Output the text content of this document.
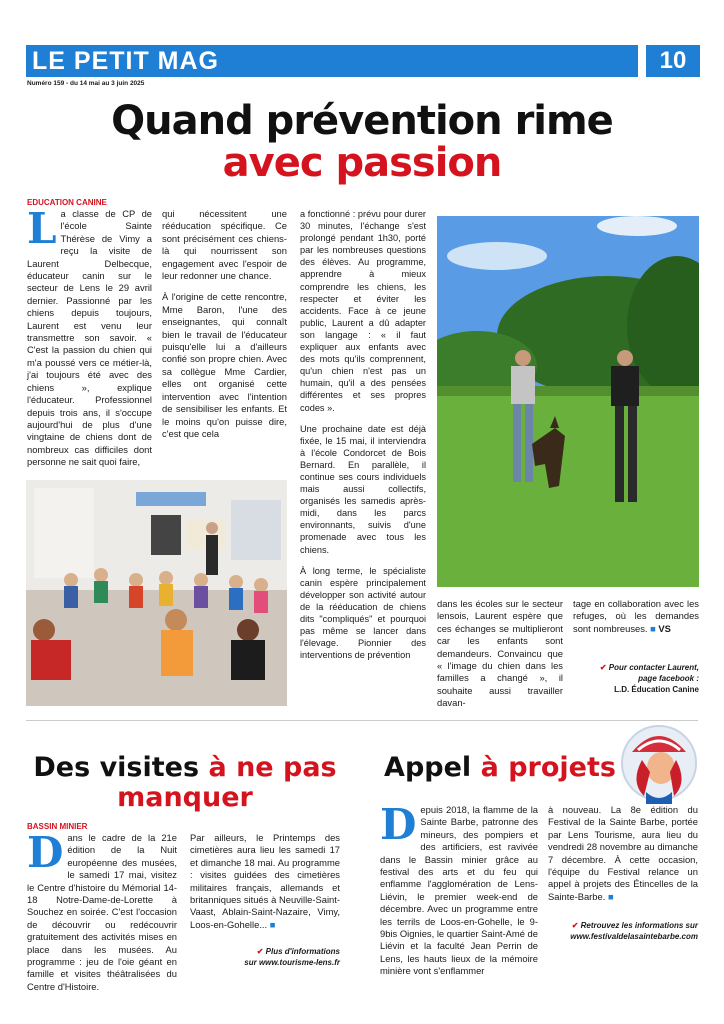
LE PETIT MAG	10
Numéro 159 - du 14 mai au 3 juin 2025
Quand prévention rime
avec passion
EDUCATION CANINE

La classe de CP de l'école Sainte Thérèse de Vimy a reçu la visite de Laurent Delbecque, éducateur canin sur le secteur de Lens le 29 avril dernier. Passionné par les chiens depuis toujours, Laurent est venu leur transmettre son savoir. « C'est la passion du chien qui m'a poussé vers ce métier-là, j'ai toujours été avec des chiens », explique l'éducateur. Professionnel depuis trois ans, il s'occupe aujourd'hui de plus d'une vingtaine de chiens dont de nombreux cas difficiles dont personne ne sait quoi faire,

qui nécessitent une rééducation spécifique. Ce sont précisément ces chiens-là qui nourrissent son engagement avec l'espoir de leur redonner une chance.

À l'origine de cette rencontre, Mme Baron, l'une des enseignantes, qui connaît bien le travail de l'éducateur puisqu'elle lui a d'ailleurs confié son propre chien. Avec sa collègue Mme Cardier, elles ont organisé cette intervention avec l'intention de sensibiliser les enfants. Et le moins qu'on puisse dire, c'est que cela

a fonctionné : prévu pour durer 30 minutes, l'échange s'est prolongé pendant 1h30, porté par les nombreuses questions des élèves. Au programme, apprendre à mieux comprendre les chiens, les respecter et éviter les accidents. Face à ce jeune public, Laurent a dû adapter son langage : « il faut expliquer aux enfants avec des mots qu'ils comprennent, qu'un chien n'est pas un humain, qu'il a des pensées différentes et ses propres codes ».

Une prochaine date est déjà fixée, le 15 mai, il interviendra à l'école Condorcet de Bois Bernard. En parallèle, il continue ses cours individuels mais aussi collectifs, organisés les samedis après-midi, dans les parcs environnants, suivis d'une promenade avec tous les chiens.

À long terme, le spécialiste canin espère principalement développer son activité autour de la rééducation de chiens dits "compliqués" et pourquoi pas même se lancer dans l'élevage. Pionnier des interventions de prévention

dans les écoles sur le secteur lensois, Laurent espère que ces échanges se multiplieront car les enfants sont demandeurs. Convaincu que « l'image du chien dans les familles a changé », il souhaite aussi travailler davan-

tage en collaboration avec les refuges, où les demandes sont nombreuses. ■ VS

✔ Pour contacter Laurent,
page facebook :
L.D. Éducation Canine
Des visites à ne pas
manquer
BASSIN MINIER

Dans le cadre de la 21e édition de la Nuit européenne des musées, le samedi 17 mai, visitez le Centre d'histoire du Mémorial 14-18 Notre-Dame-de-Lorette à Souchez en soirée. C'est l'occasion de découvrir ou redécouvrir gratuitement des activités mises en place dans les musées. Au programme : jeu de l'oie géant en famille et visites théâtralisées du Centre d'Histoire.

Par ailleurs, le Printemps des cimetières aura lieu les samedi 17 et dimanche 18 mai. Au programme : visites guidées des cimetières militaires français, allemands et britanniques situés à Neuville-Saint-Vaast, Ablain-Saint-Nazaire, Vimy, Loos-en-Gohelle... ■

✔ Plus d'informations
sur www.tourisme-lens.fr
Appel à projets

Depuis 2018, la flamme de la Sainte Barbe, patronne des mineurs, des pompiers et des artificiers, est ravivée dans le Bassin minier grâce au festival des arts et du feu qui enflamme l'agglomération de Lens-Liévin, le premier week-end de décembre. Avec un programme entre les terrils de Loos-en-Gohelle, le 9-9bis Oignies, le quartier Saint-Amé de Liévin et la faculté Jean Perrin de Lens, les hauts lieux de la mémoire minière vont s'enflammer

à nouveau. La 8e édition du Festival de la Sainte Barbe, portée par Lens Tourisme, aura lieu du vendredi 28 novembre au dimanche 7 décembre. À cette occasion, l'équipe du Festival relance un appel à projets des Étincelles de la Sainte-Barbe. ■

✔ Retrouvez les informations sur
www.festivaldelasaintebarbe.com
